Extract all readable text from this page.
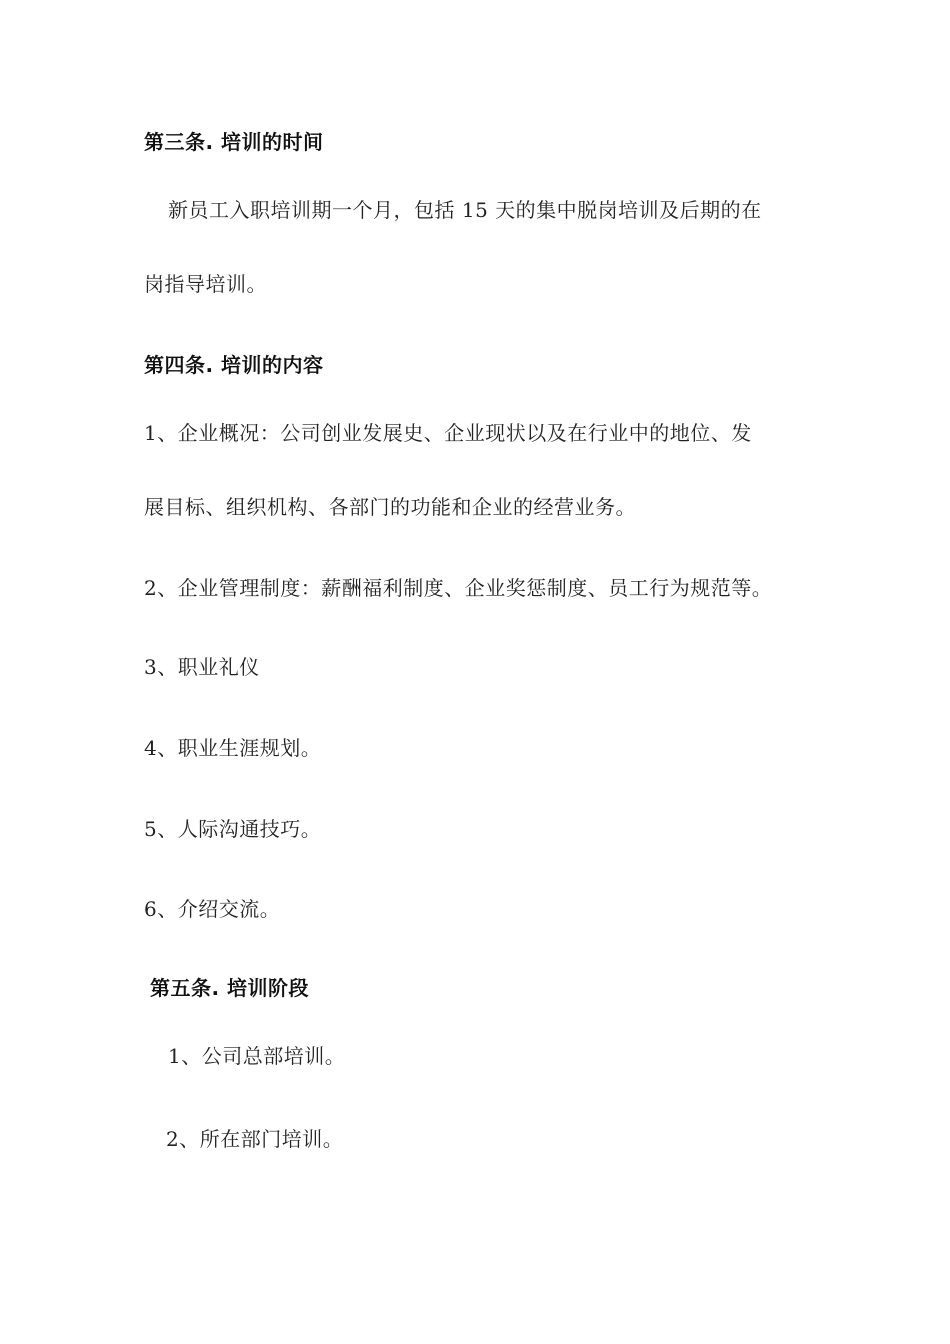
第三条. 培训的时间
新员工入职培训期一个月，包括 15 天的集中脱岗培训及后期的在
岗指导培训。
第四条. 培训的内容
1、企业概况：公司创业发展史、企业现状以及在行业中的地位、发
展目标、组织机构、各部门的功能和企业的经营业务。
2、企业管理制度：薪酬福利制度、企业奖惩制度、员工行为规范等。
3、职业礼仪
4、职业生涯规划。
5、人际沟通技巧。
6、介绍交流。
第五条. 培训阶段
1、公司总部培训。
2、所在部门培训。
